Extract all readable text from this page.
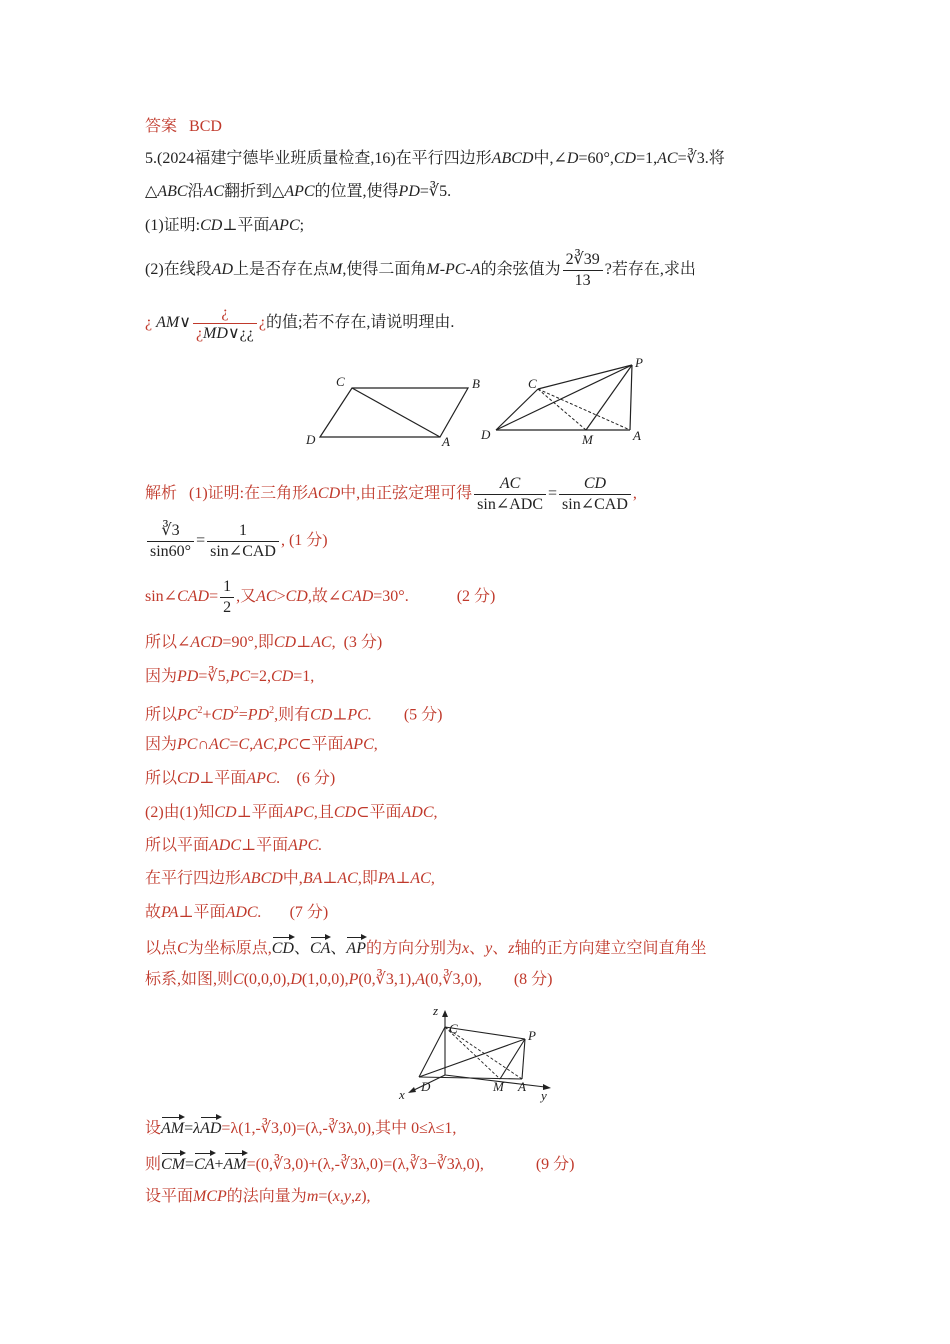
答案 BCD
5.(2024福建宁德毕业班质量检查,16)在平行四边形ABCD中,∠D=60°,CD=1,AC=∛3.将
△ABC沿AC翻折到△APC的位置,使得PD=∛5.
(1)证明:CD⊥平面APC;
(2)在线段AD上是否存在点M,使得二面角M-PC-A的余弦值为 $\frac{2∛39}{13}$ ?若存在,求出
¿ AM∨ $\frac{¿}{¿MD\vee¿¿}$ ¿的值;若不存在,请说明理由.
C	B
D	A
C
P
D	M	A
解析 (1)证明:在三角形ACD中,由正弦定理可得 $\frac{AC}{\text{sin∠ADC}} = \frac{CD}{\text{sin∠CAD}}$ ,
$\frac{∛3}{\sin 60^\circ} = \frac{1}{\text{sin∠CAD}}$ , (1 分)
sin∠CAD= $\frac{1}{2}$ ,又AC>CD,故∠CAD=30°.	(2 分)
所以∠ACD=90°,即CD⊥AC, (3 分)
因为PD=∛5,PC=2,CD=1,
所以$PC^2+CD^2=PD^2$,则有CD⊥PC. (5 分)
因为PC∩AC=C,AC,PC⊂平面APC,
所以CD⊥平面APC. (6 分)
(2)由(1)知CD⊥平面APC,且CD⊂平面ADC,
所以平面ADC⊥平面APC.
在平行四边形ABCD中,BA⊥AC,即PA⊥AC,
故PA⊥平面ADC. (7 分)
以点C为坐标原点,CD、CA、AP的方向分别为x、y、z轴的正方向建立空间直角坐
标系,如图,则C(0,0,0),D(1,0,0),P(0,∛3,1),A(0,∛3,0), (8 分)
z
C	P
x
D	M A
y
设AM=λAD=λ(1,-∛3,0)=(λ,-∛3λ,0),其中 0≤λ≤1,
则CM=CA+AM=(0,∛3,0)+(λ,-∛3λ,0)=(λ,∛3−∛3λ,0),	(9 分)
设平面MCP的法向量为m=(x,y,z),
